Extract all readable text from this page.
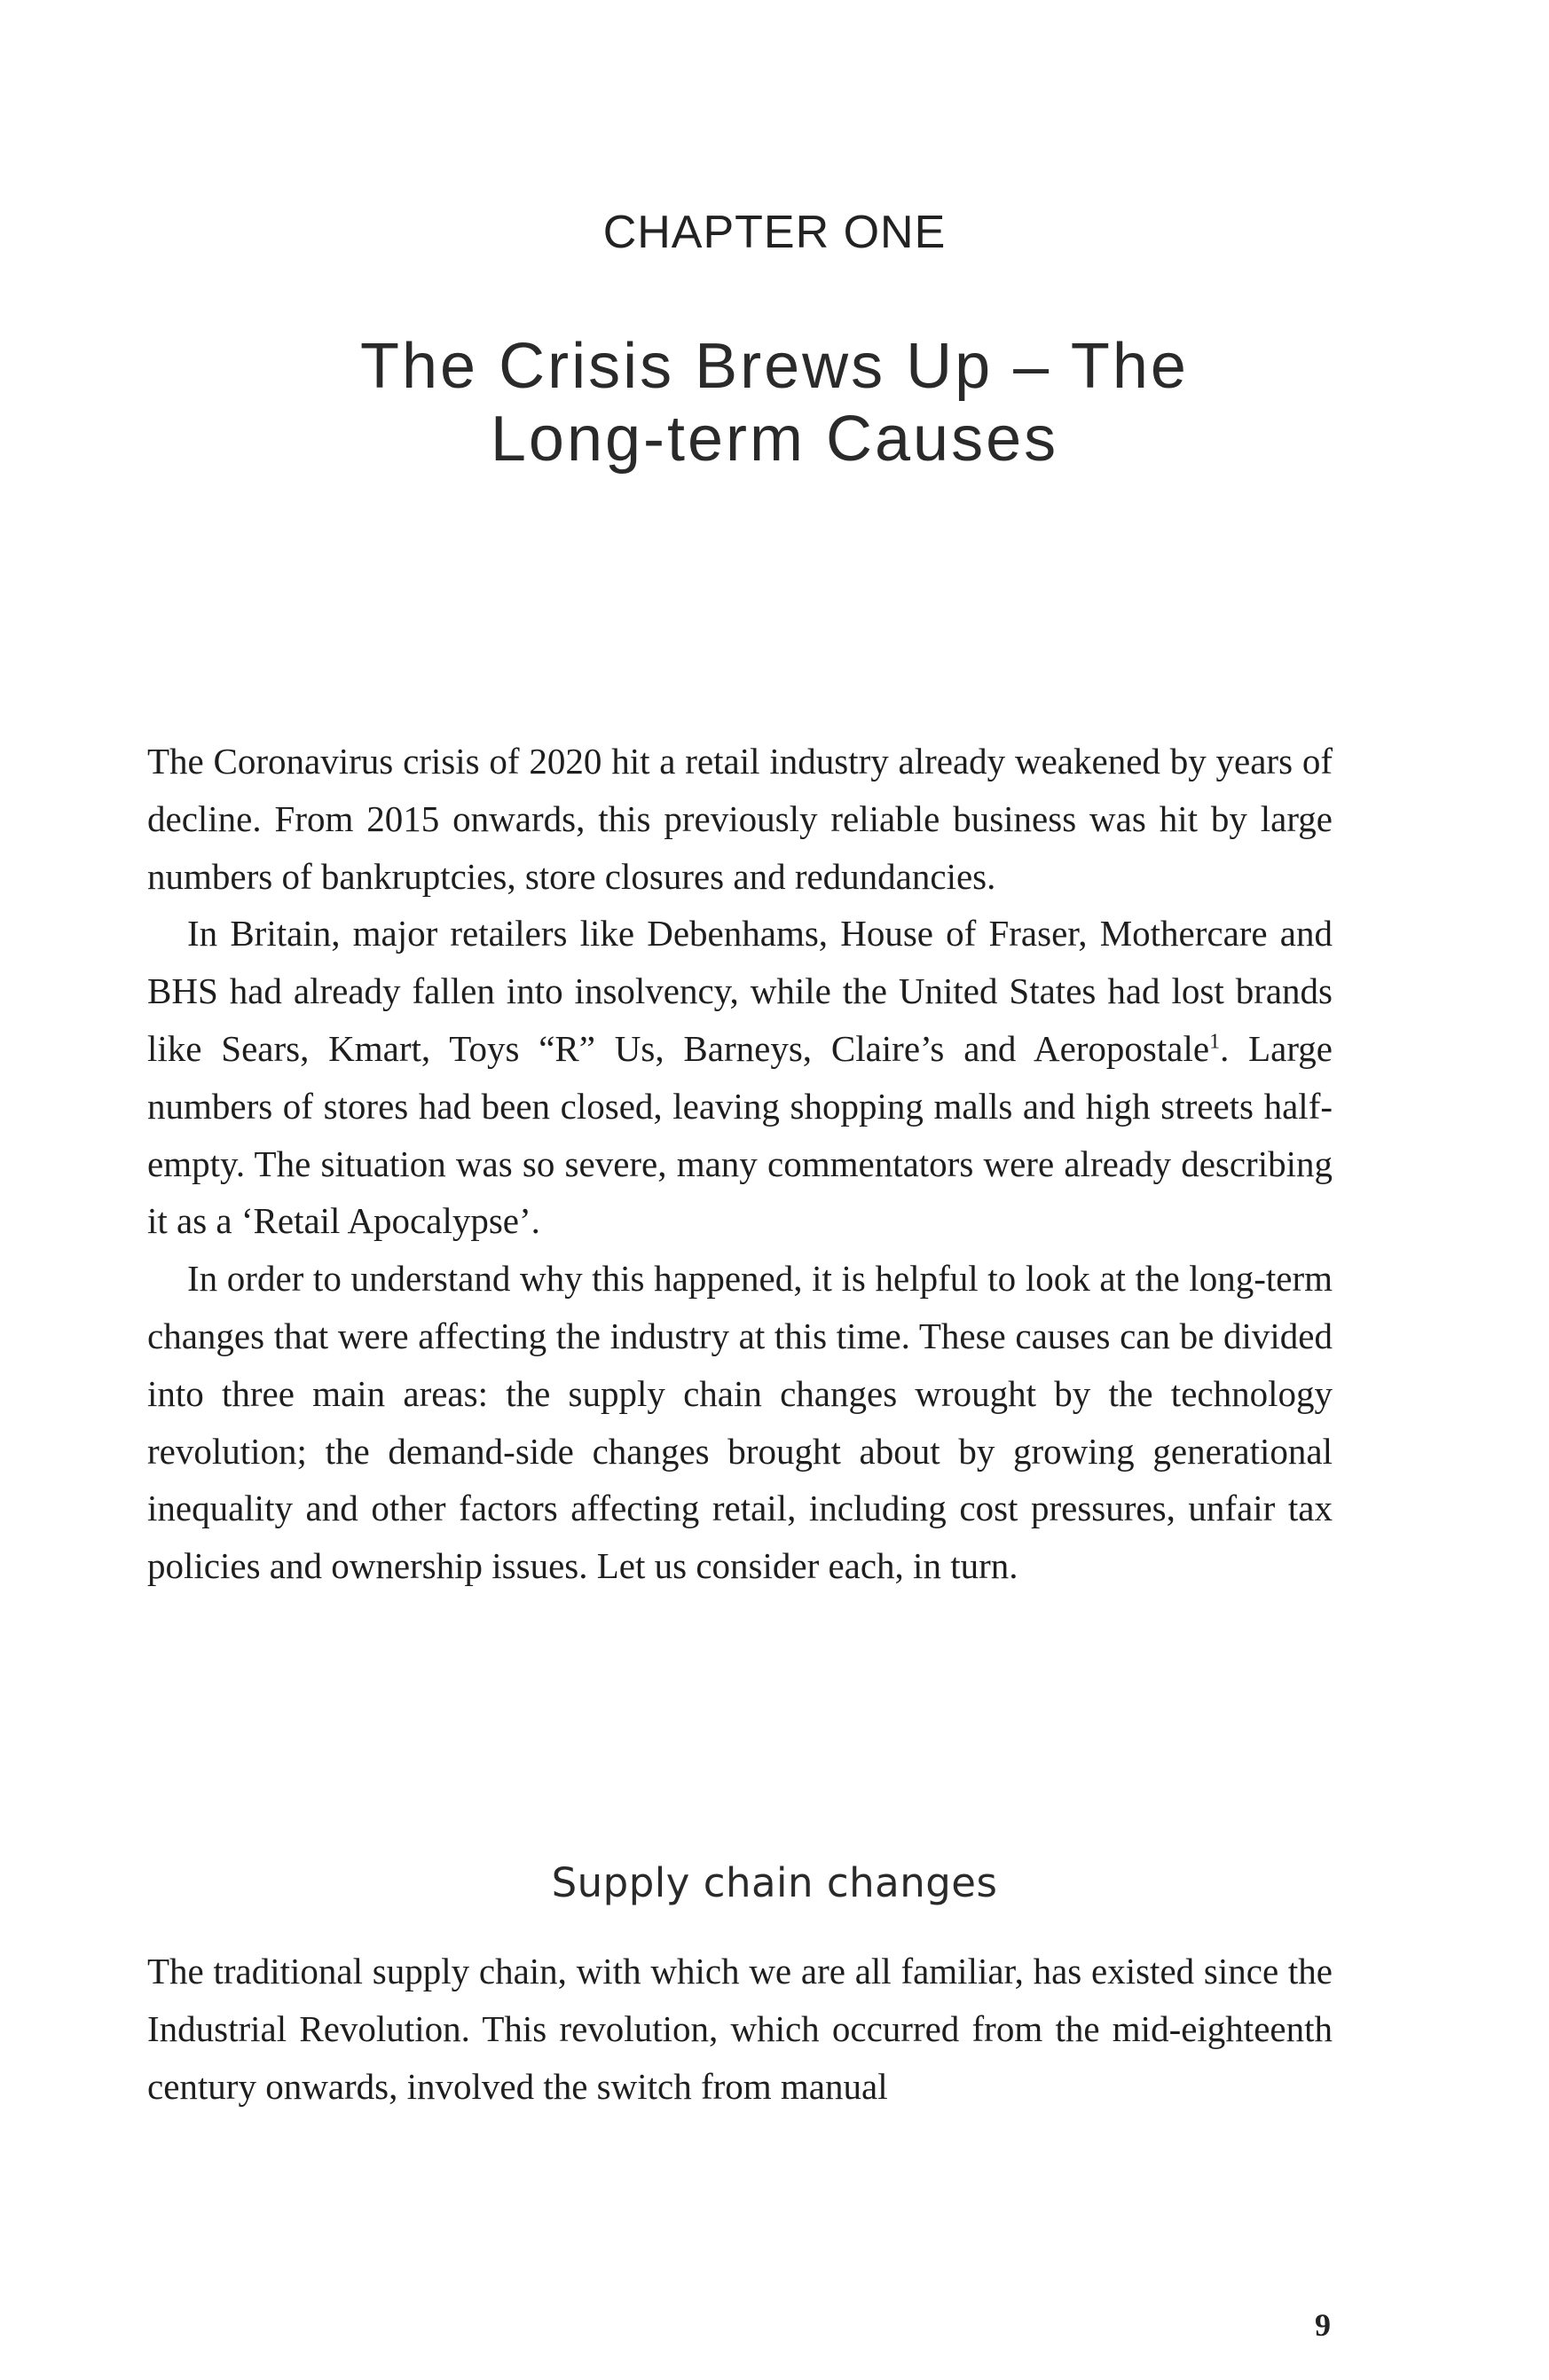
CHAPTER ONE
The Crisis Brews Up – The
Long-term Causes

The Coronavirus crisis of 2020 hit a retail industry already weakened by years of decline. From 2015 onwards, this previously reliable business was hit by large numbers of bankruptcies, store closures and redundancies.

In Britain, major retailers like Debenhams, House of Fraser, Mothercare and BHS had already fallen into insolvency, while the United States had lost brands like Sears, Kmart, Toys “R” Us, Barneys, Claire’s and Aeropostale$^1$. Large numbers of stores had been closed, leaving shopping malls and high streets half-empty. The situation was so severe, many commentators were already describing it as a ‘Retail Apocalypse’.

In order to understand why this happened, it is helpful to look at the long-term changes that were affecting the industry at this time. These causes can be divided into three main areas: the supply chain changes wrought by the technology revolution; the demand-side changes brought about by growing generational inequality and other factors affecting retail, including cost pressures, unfair tax policies and ownership issues. Let us consider each, in turn.

Supply chain changes

The traditional supply chain, with which we are all familiar, has existed since the Industrial Revolution. This revolution, which occurred from the mid-eighteenth century onwards, involved the switch from manual

9
